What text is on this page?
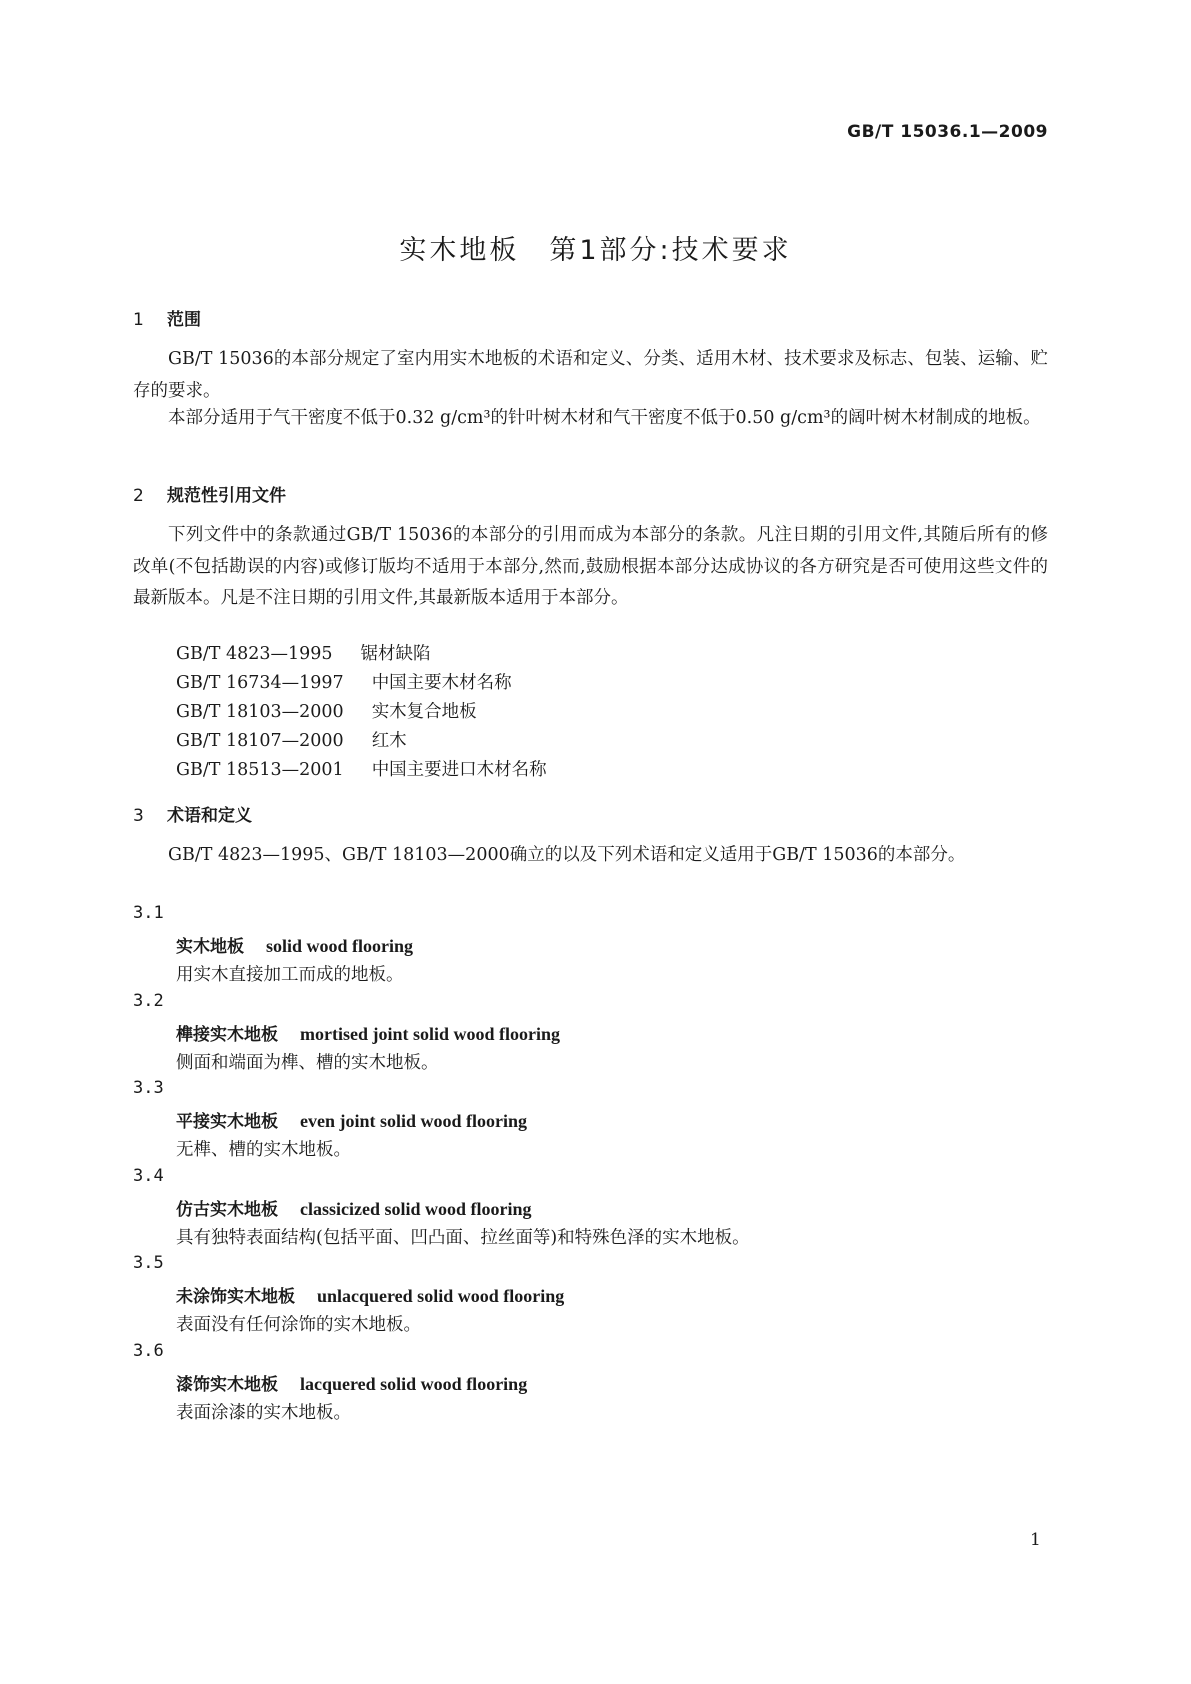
GB/T 15036.1—2009
实木地板　第1部分:技术要求
1 范围
GB/T 15036的本部分规定了室内用实木地板的术语和定义、分类、适用木材、技术要求及标志、包装、运输、贮存的要求。
本部分适用于气干密度不低于0.32 g/cm³的针叶树木材和气干密度不低于0.50 g/cm³的阔叶树木材制成的地板。
2 规范性引用文件
下列文件中的条款通过GB/T 15036的本部分的引用而成为本部分的条款。凡注日期的引用文件,其随后所有的修改单(不包括勘误的内容)或修订版均不适用于本部分,然而,鼓励根据本部分达成协议的各方研究是否可使用这些文件的最新版本。凡是不注日期的引用文件,其最新版本适用于本部分。
GB/T 4823—1995 锯材缺陷
GB/T 16734—1997 中国主要木材名称
GB/T 18103—2000 实木复合地板
GB/T 18107—2000 红木
GB/T 18513—2001 中国主要进口木材名称
3 术语和定义
GB/T 4823—1995、GB/T 18103—2000确立的以及下列术语和定义适用于GB/T 15036的本部分。
3.1
实木地板 solid wood flooring
用实木直接加工而成的地板。
3.2
榫接实木地板 mortised joint solid wood flooring
侧面和端面为榫、槽的实木地板。
3.3
平接实木地板 even joint solid wood flooring
无榫、槽的实木地板。
3.4
仿古实木地板 classicized solid wood flooring
具有独特表面结构(包括平面、凹凸面、拉丝面等)和特殊色泽的实木地板。
3.5
未涂饰实木地板 unlacquered solid wood flooring
表面没有任何涂饰的实木地板。
3.6
漆饰实木地板 lacquered solid wood flooring
表面涂漆的实木地板。
1
